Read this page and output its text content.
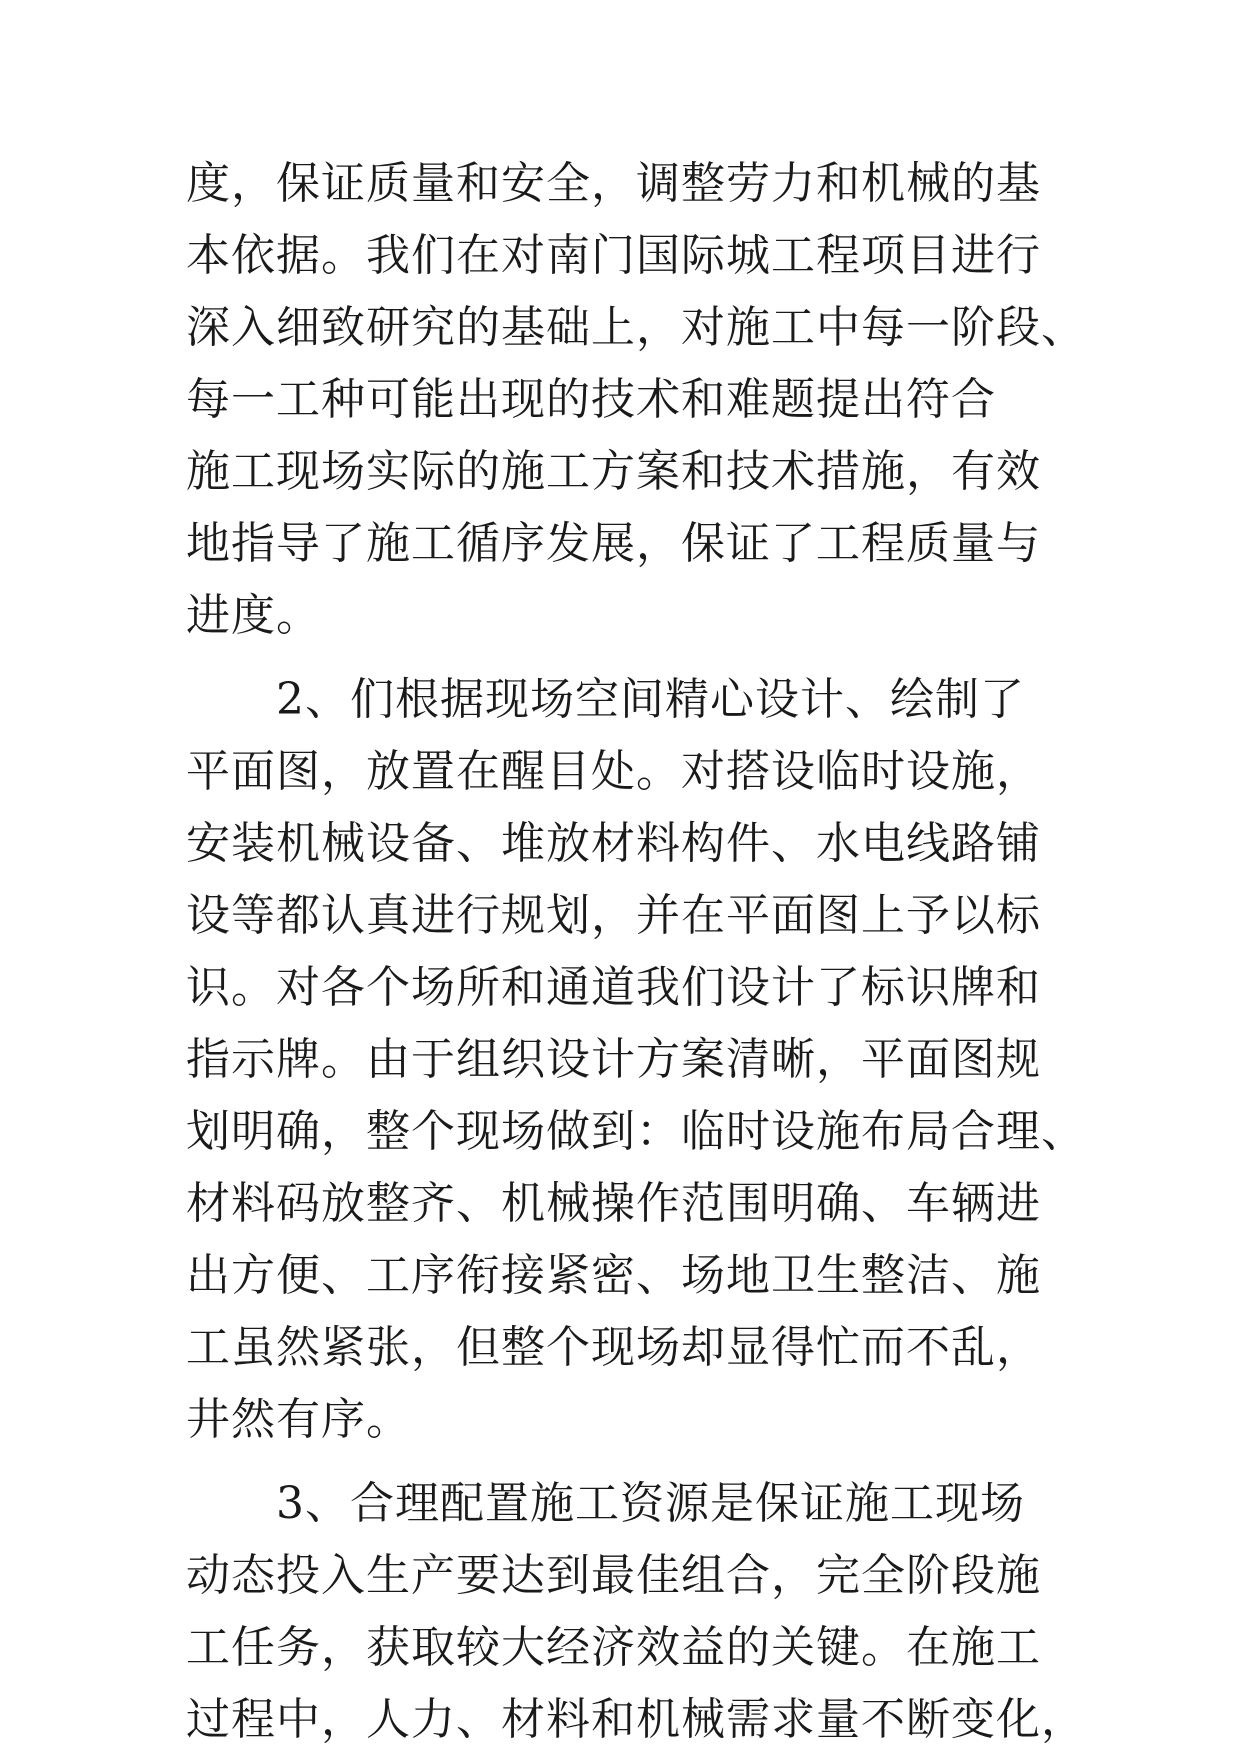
度，保证质量和安全，调整劳力和机械的基
本依据。我们在对南门国际城工程项目进行
深入细致研究的基础上，对施工中每一阶段、
每一工种可能出现的技术和难题提出符合
施工现场实际的施工方案和技术措施，有效
地指导了施工循序发展，保证了工程质量与
进度。
　　2、们根据现场空间精心设计、绘制了
平面图，放置在醒目处。对搭设临时设施，
安装机械设备、堆放材料构件、水电线路铺
设等都认真进行规划，并在平面图上予以标
识。对各个场所和通道我们设计了标识牌和
指示牌。由于组织设计方案清晰，平面图规
划明确，整个现场做到：临时设施布局合理、
材料码放整齐、机械操作范围明确、车辆进
出方便、工序衔接紧密、场地卫生整洁、施
工虽然紧张，但整个现场却显得忙而不乱，
井然有序。
　　3、合理配置施工资源是保证施工现场
动态投入生产要达到最佳组合，完全阶段施
工任务，获取较大经济效益的关键。在施工
过程中，人力、材料和机械需求量不断变化，
